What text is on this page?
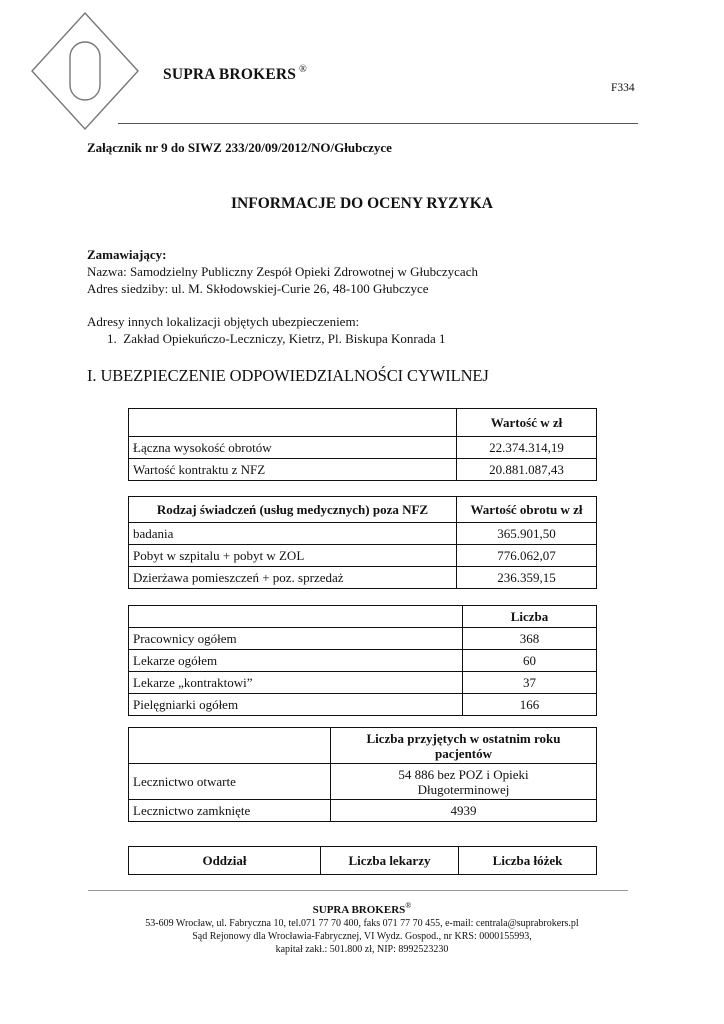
SUPRA BROKERS ®
F334
Załącznik nr 9 do SIWZ 233/20/09/2012/NO/Głubczyce
INFORMACJE DO OCENY RYZYKA
Zamawiający:
Nazwa: Samodzielny Publiczny Zespół Opieki Zdrowotnej w Głubczycach
Adres siedziby: ul. M. Skłodowskiej-Curie 26, 48-100 Głubczyce
Adresy innych lokalizacji objętych ubezpieczeniem:
1. Zakład Opiekuńczo-Leczniczy, Kietrz, Pl. Biskupa Konrada 1
I. UBEZPIECZENIE ODPOWIEDZIALNOŚCI CYWILNEJ
	Wartość w zł
Łączna wysokość obrotów	22.374.314,19
Wartość kontraktu z NFZ	20.881.087,43
Rodzaj świadczeń (usług medycznych) poza NFZ	Wartość obrotu w zł
badania	365.901,50
Pobyt w szpitalu + pobyt w ZOL	776.062,07
Dzierżawa pomieszczeń + poz. sprzedaż	236.359,15
	Liczba
Pracownicy ogółem	368
Lekarze ogółem	60
Lekarze „kontraktowi”	37
Pielęgniarki ogółem	166

	Liczba przyjętych w ostatnim roku
pacjentów

Lecznictwo otwarte	54 886 bez POZ i Opieki
Długoterminowej

Lecznictwo zamknięte	4939
Oddział	Liczba lekarzy	Liczba łóżek
SUPRA BROKERS®
53-609 Wrocław, ul. Fabryczna 10, tel.071 77 70 400, faks 071 77 70 455, e-mail: centrala@suprabrokers.pl
Sąd Rejonowy dla Wrocławia-Fabrycznej, VI Wydz. Gospod., nr KRS: 0000155993,
kapitał zakł.: 501.800 zł, NIP: 8992523230
